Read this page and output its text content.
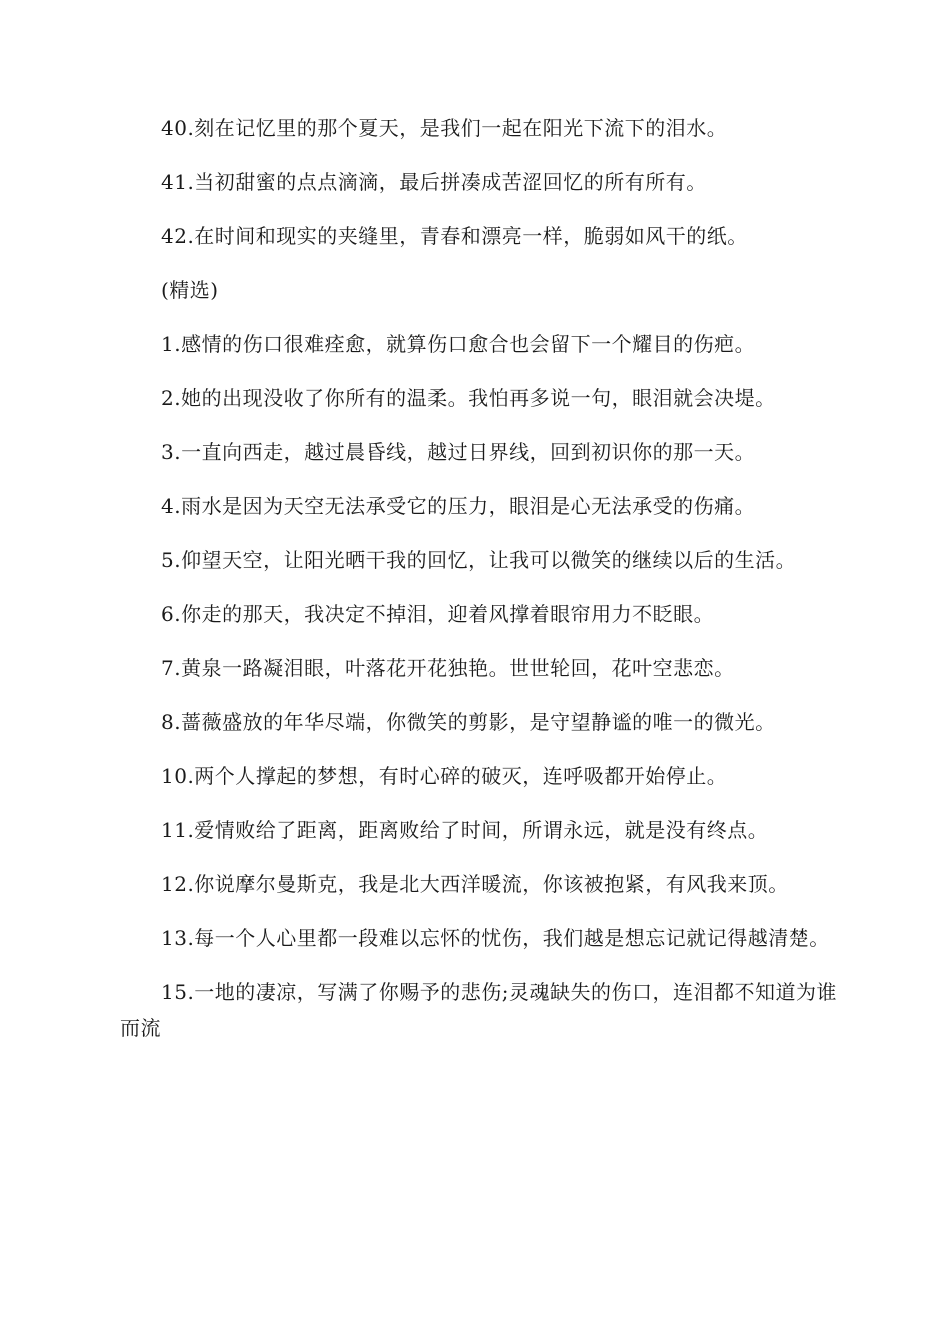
40.刻在记忆里的那个夏天，是我们一起在阳光下流下的泪水。

41.当初甜蜜的点点滴滴，最后拼凑成苦涩回忆的所有所有。

42.在时间和现实的夹缝里，青春和漂亮一样，脆弱如风干的纸。

(精选)

1.感情的伤口很难痊愈，就算伤口愈合也会留下一个耀目的伤疤。

2.她的出现没收了你所有的温柔。我怕再多说一句，眼泪就会决堤。

3.一直向西走，越过晨昏线，越过日界线，回到初识你的那一天。

4.雨水是因为天空无法承受它的压力，眼泪是心无法承受的伤痛。

5.仰望天空，让阳光晒干我的回忆，让我可以微笑的继续以后的生活。

6.你走的那天，我决定不掉泪，迎着风撑着眼帘用力不眨眼。

7.黄泉一路凝泪眼，叶落花开花独艳。世世轮回，花叶空悲恋。

8.蔷薇盛放的年华尽端，你微笑的剪影，是守望静谧的唯一的微光。

10.两个人撑起的梦想，有时心碎的破灭，连呼吸都开始停止。

11.爱情败给了距离，距离败给了时间，所谓永远，就是没有终点。

12.你说摩尔曼斯克，我是北大西洋暖流，你该被抱紧，有风我来顶。

13.每一个人心里都一段难以忘怀的忧伤，我们越是想忘记就记得越清楚。

15.一地的凄凉，写满了你赐予的悲伤;灵魂缺失的伤口，连泪都不知道为谁而流
